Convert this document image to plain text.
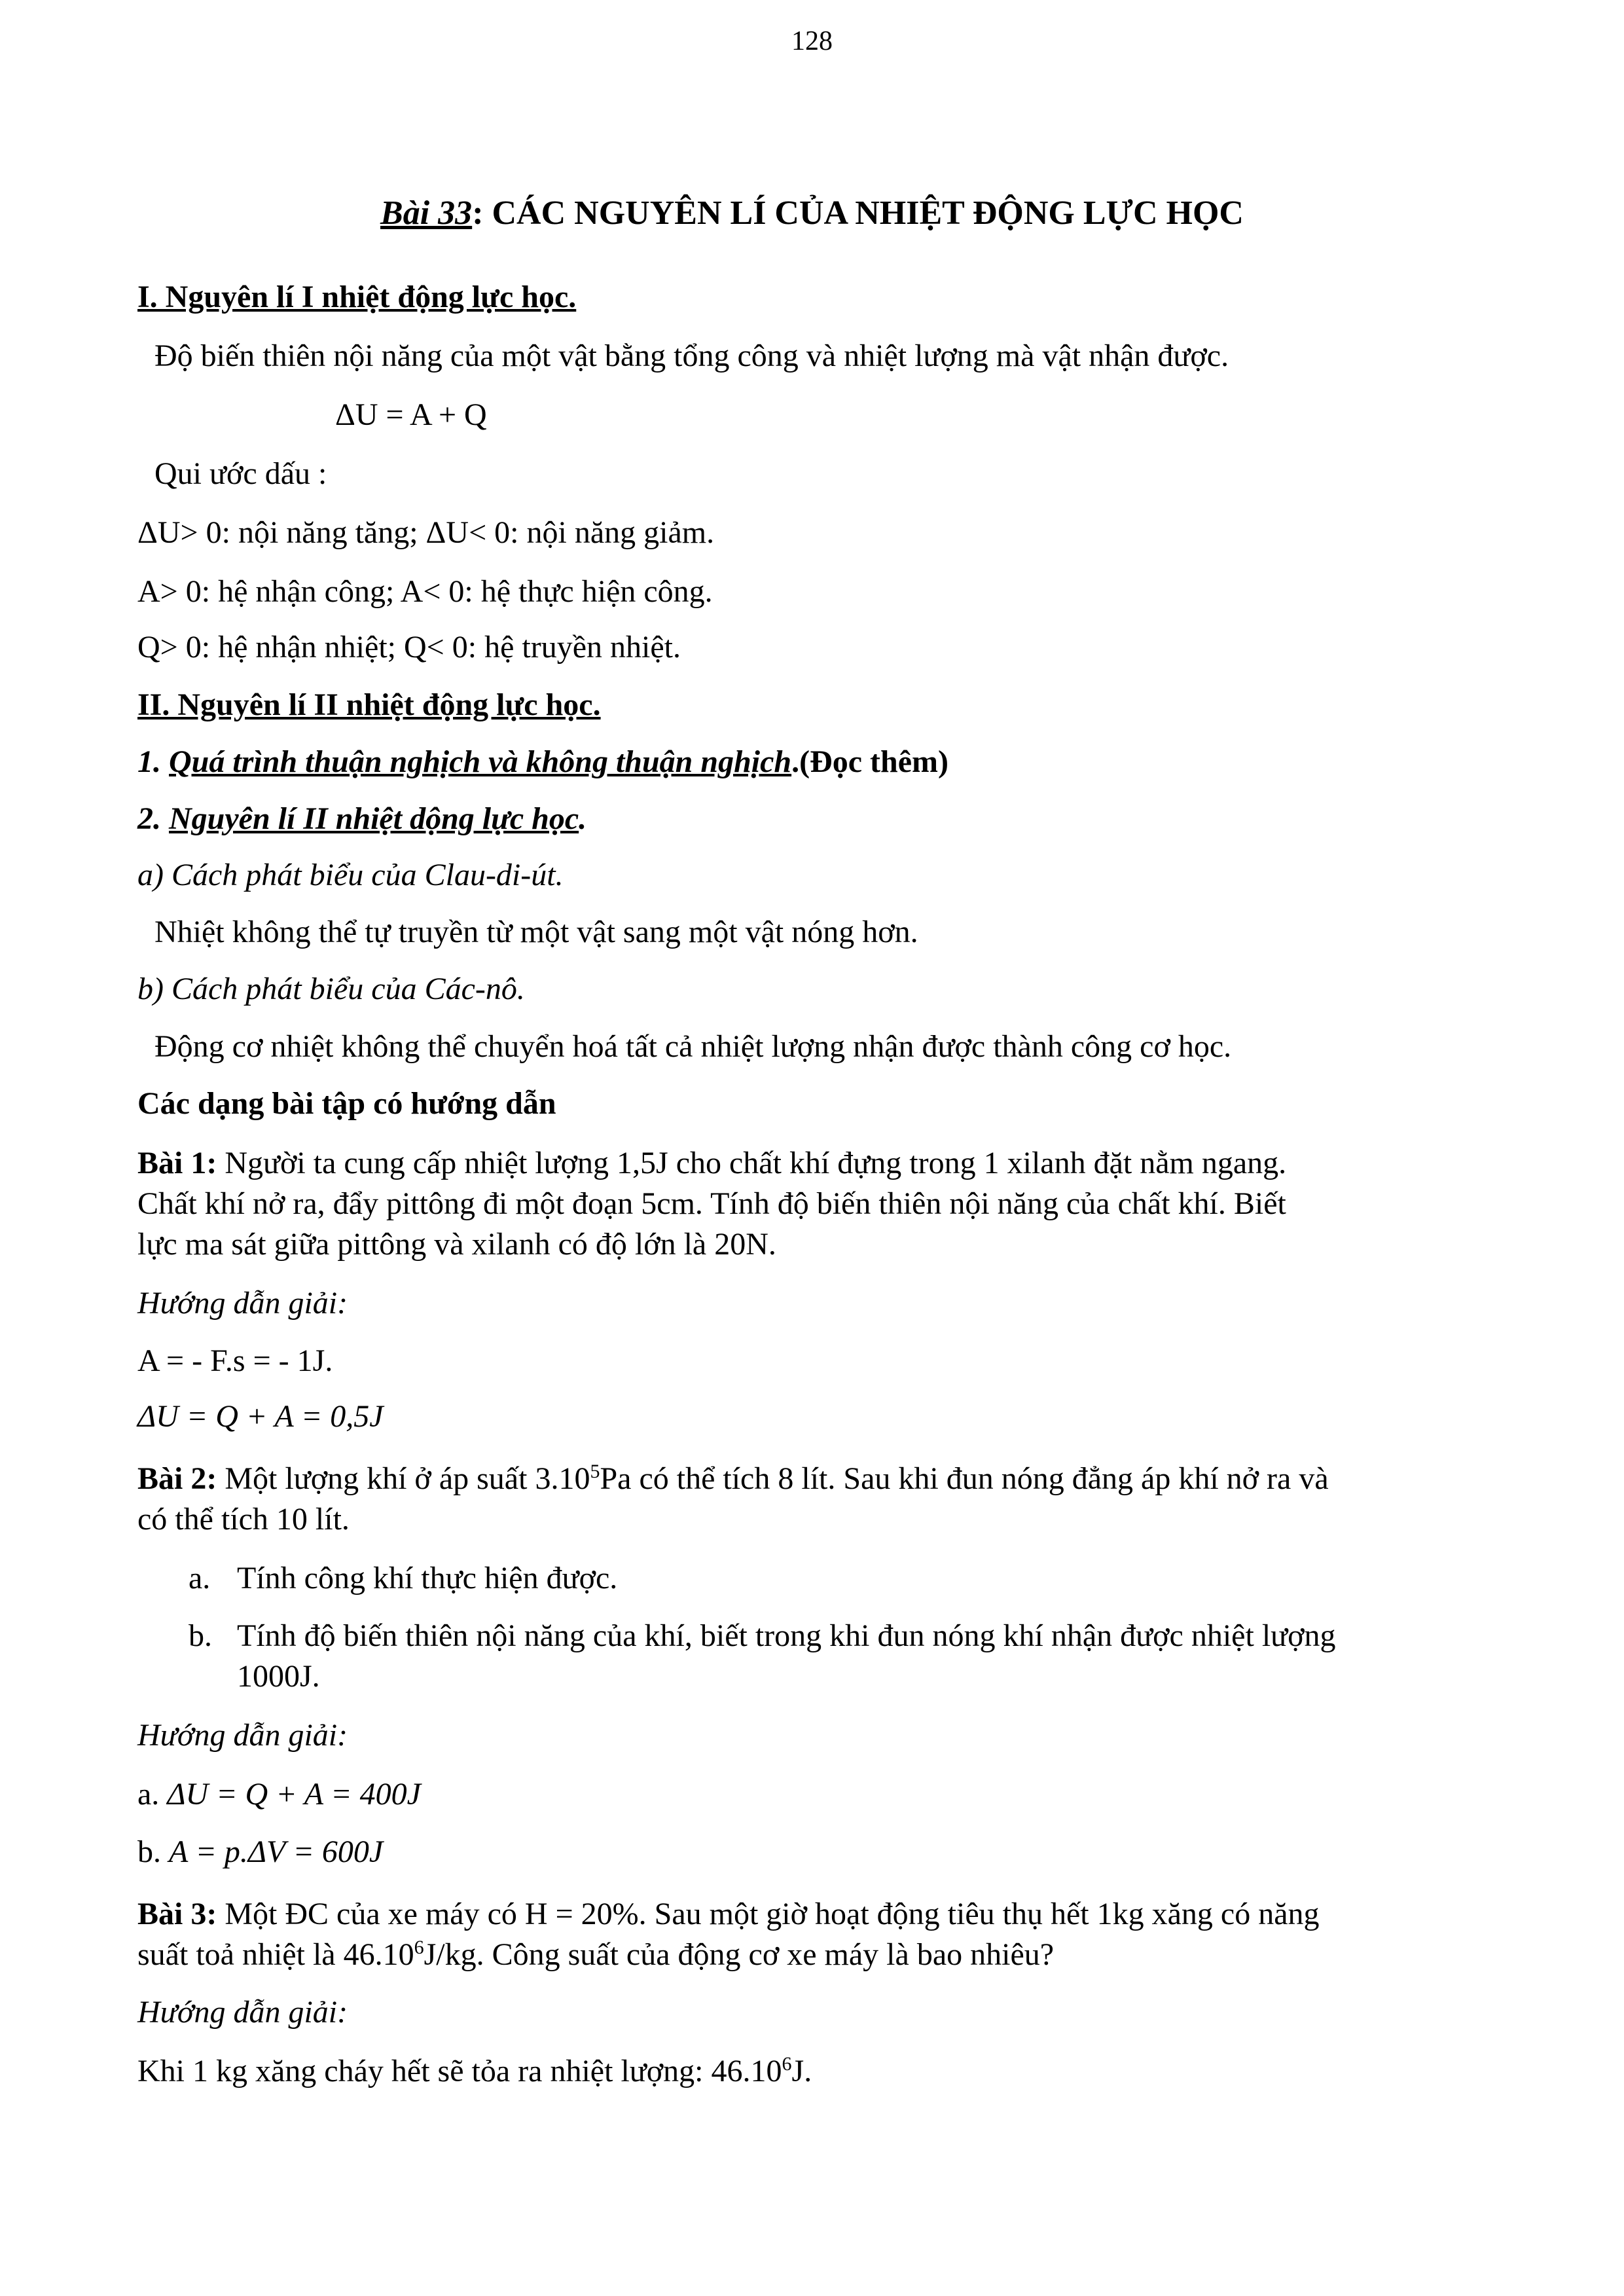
128
Bài 33: CÁC NGUYÊN LÍ CỦA NHIỆT ĐỘNG LỰC HỌC
I. Nguyên lí I nhiệt động lực học.
Độ biến thiên nội năng của một vật bằng tổng công và nhiệt lượng mà vật nhận được.
ΔU = A + Q
Qui ước dấu :
ΔU> 0: nội năng tăng; ΔU< 0: nội năng giảm.
A> 0: hệ nhận công; A< 0: hệ thực hiện công.
Q> 0: hệ nhận nhiệt; Q< 0: hệ truyền nhiệt.
II. Nguyên lí II nhiệt động lực học.
1. Quá trình thuận nghịch và không thuận nghịch.(Đọc thêm)
2. Nguyên lí II nhiệt dộng lực học.
a) Cách phát biểu của Clau-di-út.
Nhiệt không thể tự truyền từ một vật sang một vật nóng hơn.
b) Cách phát biểu của Các-nô.
Động cơ nhiệt không thể chuyển hoá tất cả nhiệt lượng nhận được thành công cơ học.
Các dạng bài tập có hướng dẫn
Bài 1: Người ta cung cấp nhiệt lượng 1,5J cho chất khí đựng trong 1 xilanh đặt nằm ngang.
Chất khí nở ra, đẩy pittông đi một đoạn 5cm. Tính độ biến thiên nội năng của chất khí. Biết
lực ma sát giữa pittông và xilanh có độ lớn là 20N.
Hướng dẫn giải:
A = - F.s = - 1J.
ΔU = Q + A = 0,5J
Bài 2: Một lượng khí ở áp suất 3.10$^5$Pa có thể tích 8 lít. Sau khi đun nóng đẳng áp khí nở ra và
có thể tích 10 lít.
a. Tính công khí thực hiện được.
b. Tính độ biến thiên nội năng của khí, biết trong khi đun nóng khí nhận được nhiệt lượng
1000J.
Hướng dẫn giải:
a. ΔU = Q + A = 400J
b. A = p.ΔV = 600J
Bài 3: Một ĐC của xe máy có H = 20%. Sau một giờ hoạt động tiêu thụ hết 1kg xăng có năng
suất toả nhiệt là 46.10$^6$J/kg. Công suất của động cơ xe máy là bao nhiêu?
Hướng dẫn giải:
Khi 1 kg xăng cháy hết sẽ tỏa ra nhiệt lượng: 46.10$^6$J.
